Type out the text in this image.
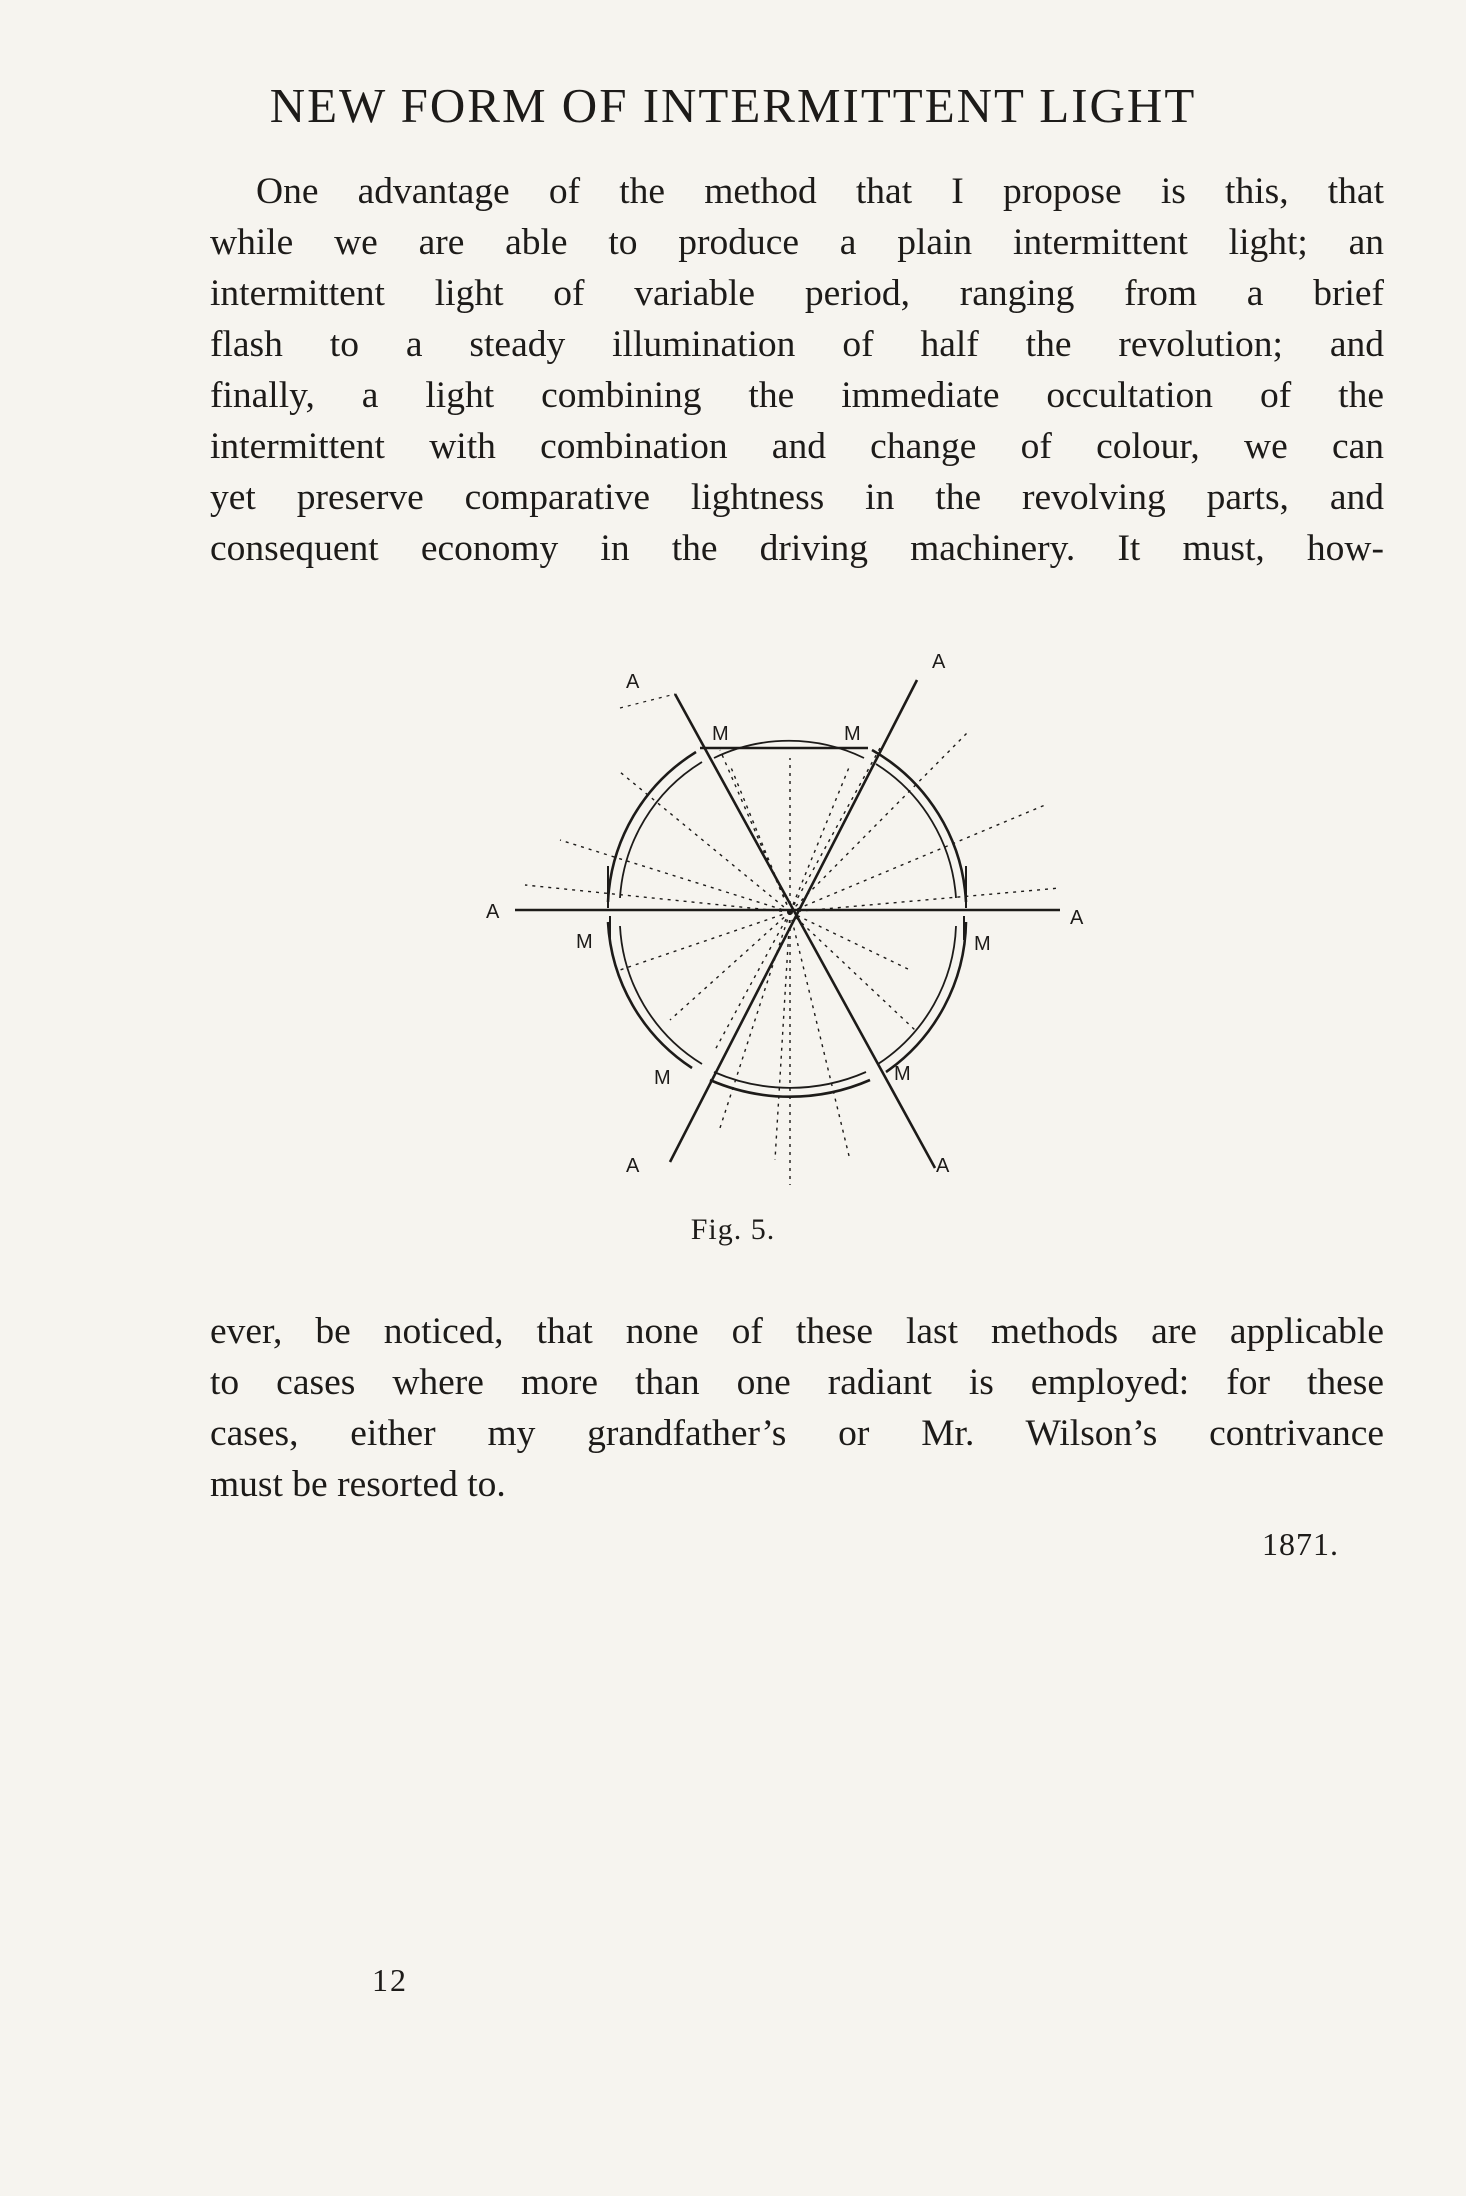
NEW FORM OF INTERMITTENT LIGHT
One advantage of the method that I propose is this, that
while we are able to produce a plain intermittent light; an
intermittent light of variable period, ranging from a brief
flash to a steady illumination of half the revolution; and
finally, a light combining the immediate occultation of the
intermittent with combination and change of colour, we can
yet preserve comparative lightness in the revolving parts, and
consequent economy in the driving machinery. It must, how-
A
A
A	A
A	A
M	M
M	M
M	M
Fig. 5.
ever, be noticed, that none of these last methods are applicable
to cases where more than one radiant is employed: for these
cases, either my grandfather’s or Mr. Wilson’s contrivance
must be resorted to.
1871.
12
